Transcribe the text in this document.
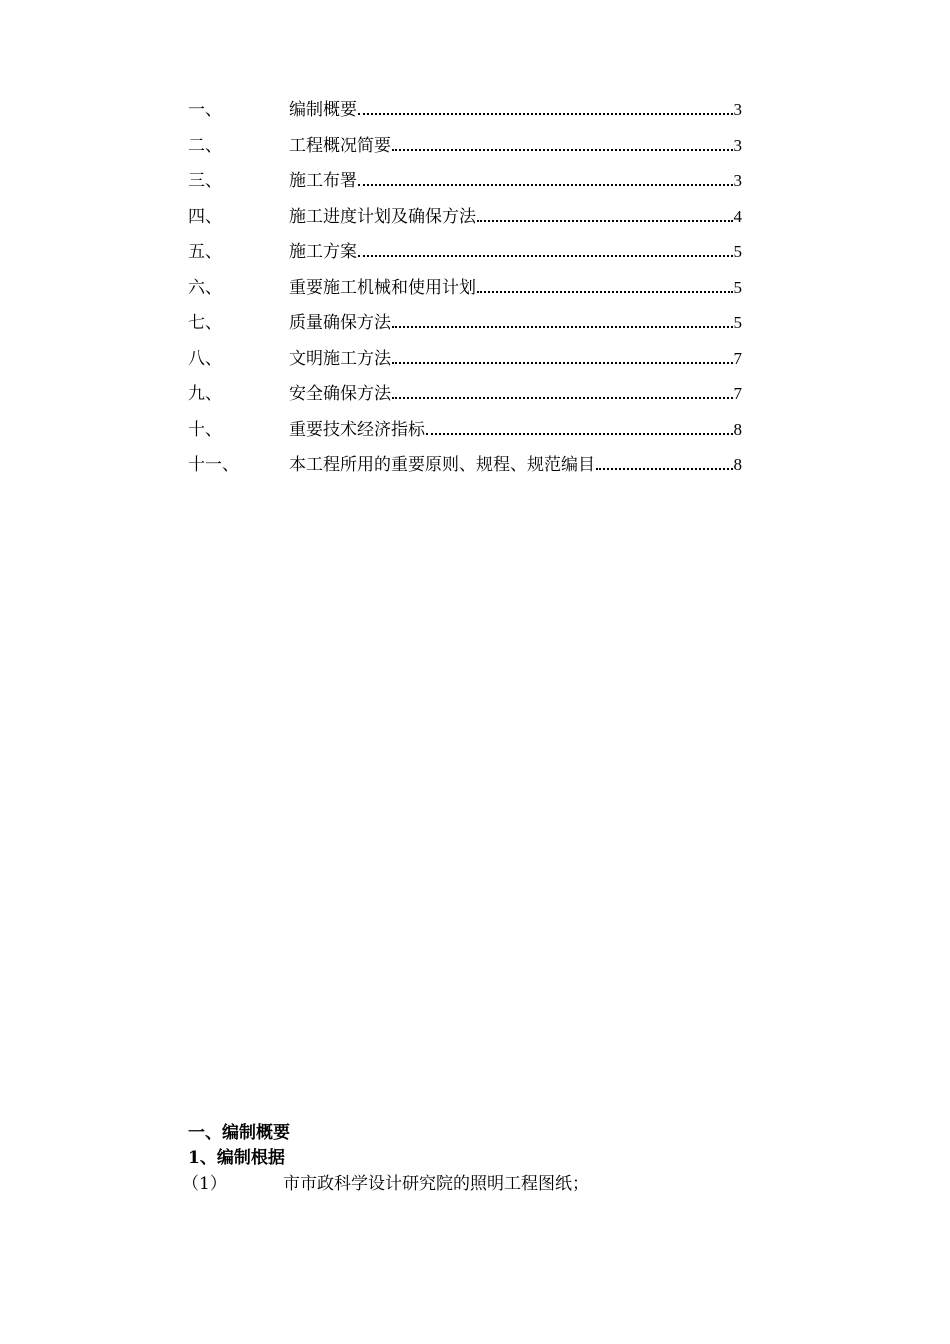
一、	编制概要	3
二、	工程概况简要	3
三、	施工布署	3
四、	施工进度计划及确保方法	4
五、	施工方案	5
六、	重要施工机械和使用计划	5
七、	质量确保方法	5
八、	文明施工方法	7
九、	安全确保方法	7
十、	重要技术经济指标	8
十一、	本工程所用的重要原则、规程、规范编目	8

一、编制概要

1、编制根据

（1）	市市政科学设计研究院的照明工程图纸；
